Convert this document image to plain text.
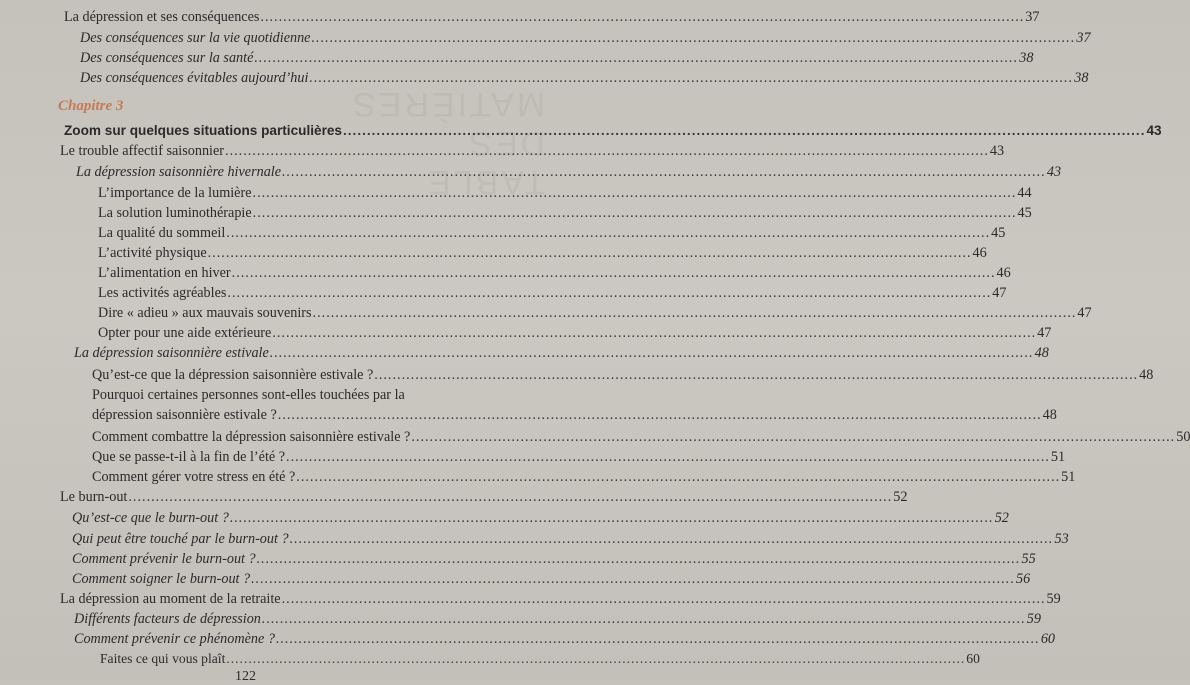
TABLE DES MATIÈRES
La dépression et ses conséquences .....	37
Des conséquences sur la vie quotidienne .....	37
Des conséquences sur la santé .....	38
Des conséquences évitables aujourd’hui .....	38
Chapitre 3
Zoom sur quelques situations particulières .....	43
Le trouble affectif saisonnier .....	43
La dépression saisonnière hivernale .....	43
L’importance de la lumière .....	44
La solution luminothérapie .....	45
La qualité du sommeil .....	45
L’activité physique .....	46
L’alimentation en hiver .....	46
Les activités agréables .....	47
Dire « adieu » aux mauvais souvenirs .....	47
Opter pour une aide extérieure .....	47
La dépression saisonnière estivale .....	48
Qu’est-ce que la dépression saisonnière estivale ? .....	48
Pourquoi certaines personnes sont-elles touchées par la
dépression saisonnière estivale ? .....	48
Comment combattre la dépression saisonnière estivale ? .....	50
Que se passe-t-il à la fin de l’été ? .....	51
Comment gérer votre stress en été ? .....	51
Le burn-out .....	52
Qu’est-ce que le burn-out ? .....	52
Qui peut être touché par le burn-out ? .....	53
Comment prévenir le burn-out ? .....	55
Comment soigner le burn-out ? .....	56
La dépression au moment de la retraite .....	59
Différents facteurs de dépression .....	59
Comment prévenir ce phénomène ? .....	60
Faites ce qui vous plaît .....	60
122
